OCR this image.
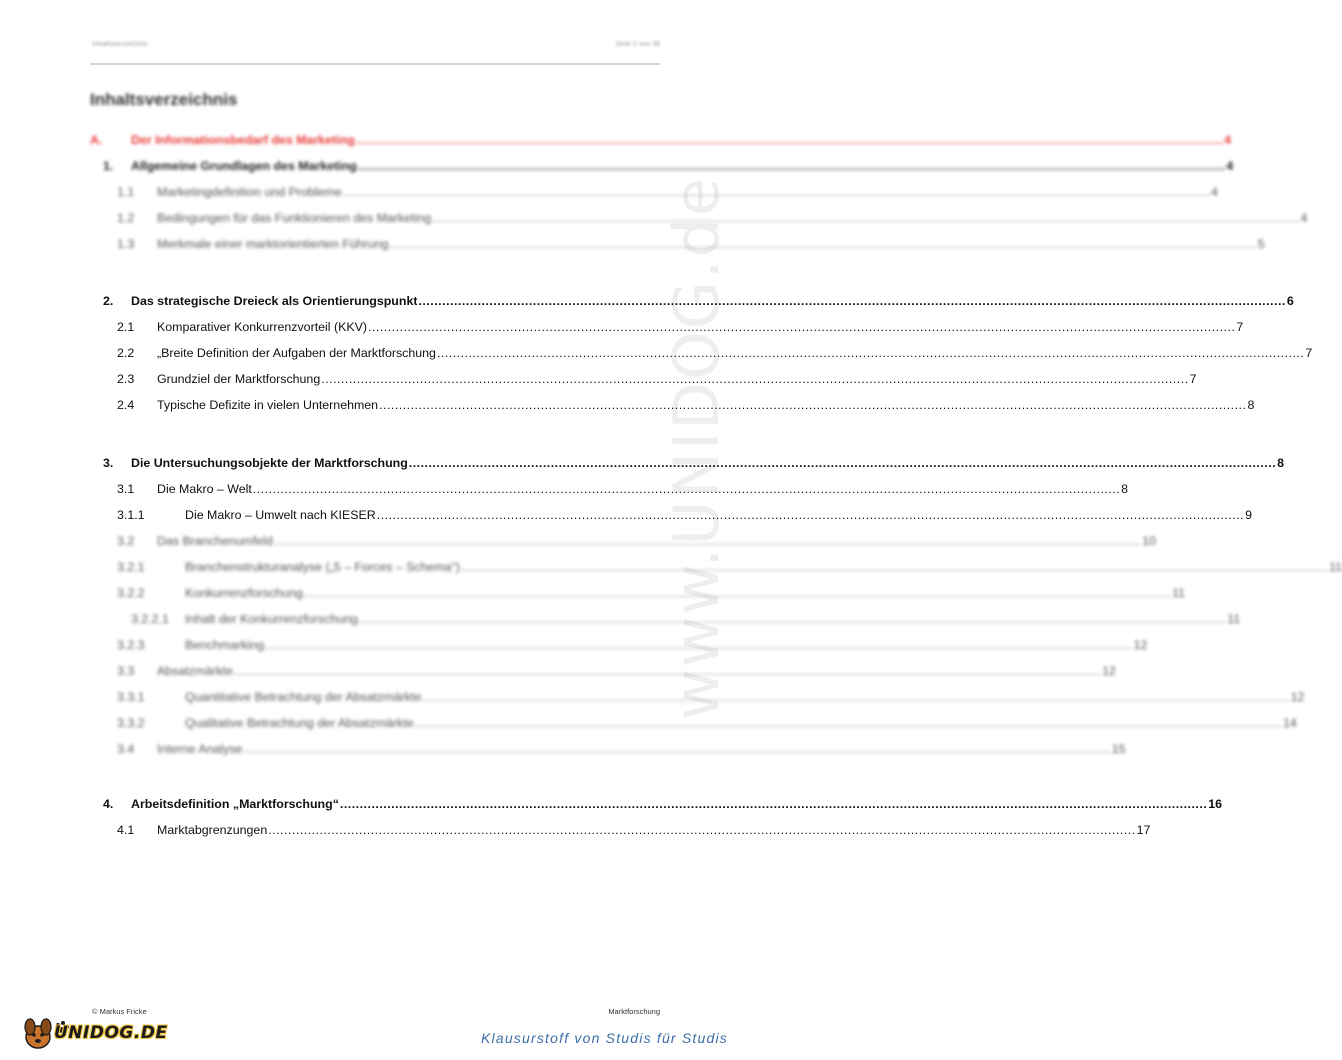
Inhaltsverzeichnis	Seite 2 von 38
Inhaltsverzeichnis
www.UNIDOG.de
A. Der Informationsbedarf des Marketing ............................................................................................................................................................................................................................ 4
1. Allgemeine Grundlagen des Marketing ............................................................................................................................................................................................................................ 4
1.1 Marketingdefinition und Probleme ............................................................................................................................................................................................................................ 4
1.2 Bedingungen für das Funktionieren des Marketing ............................................................................................................................................................................................................................ 4
1.3 Merkmale einer marktorientierten Führung ............................................................................................................................................................................................................................ 5
2. Das strategische Dreieck als Orientierungspunkt ............................................................................................................................................................................................................................ 6
2.1 Komparativer Konkurrenzvorteil (KKV) ............................................................................................................................................................................................................................ 7
2.2 „Breite Definition der Aufgaben der Marktforschung ............................................................................................................................................................................................................................ 7
2.3 Grundziel der Marktforschung ............................................................................................................................................................................................................................ 7
2.4 Typische Defizite in vielen Unternehmen ............................................................................................................................................................................................................................ 8
3. Die Untersuchungsobjekte der Marktforschung ............................................................................................................................................................................................................................ 8
3.1 Die Makro – Welt ............................................................................................................................................................................................................................ 8
3.1.1	Die Makro – Umwelt nach KIESER ............................................................................................................................................................................................................................ 9
3.2 Das Branchenumfeld ............................................................................................................................................................................................................................ 10
3.2.1	Branchenstrukturanalyse („5 – Forces – Schema“) ............................................................................................................................................................................................................................ 11
3.2.2	Konkurrenzforschung ............................................................................................................................................................................................................................ 11
3.2.2.1 Inhalt der Konkurrenzforschung ............................................................................................................................................................................................................................ 11
3.2.3	Benchmarking ............................................................................................................................................................................................................................ 12
3.3 Absatzmärkte ............................................................................................................................................................................................................................ 12
3.3.1	Quantitative Betrachtung der Absatzmärkte ............................................................................................................................................................................................................................ 12
3.3.2	Qualitative Betrachtung der Absatzmärkte ............................................................................................................................................................................................................................ 14
3.4 Interne Analyse ............................................................................................................................................................................................................................ 15
4. Arbeitsdefinition „Marktforschung“ ............................................................................................................................................................................................................................ 16
4.1 Marktabgrenzungen ............................................................................................................................................................................................................................ 17
© Markus Fricke	Marktforschung
UNIDOG.DE	Klausurstoff von Studis für Studis
